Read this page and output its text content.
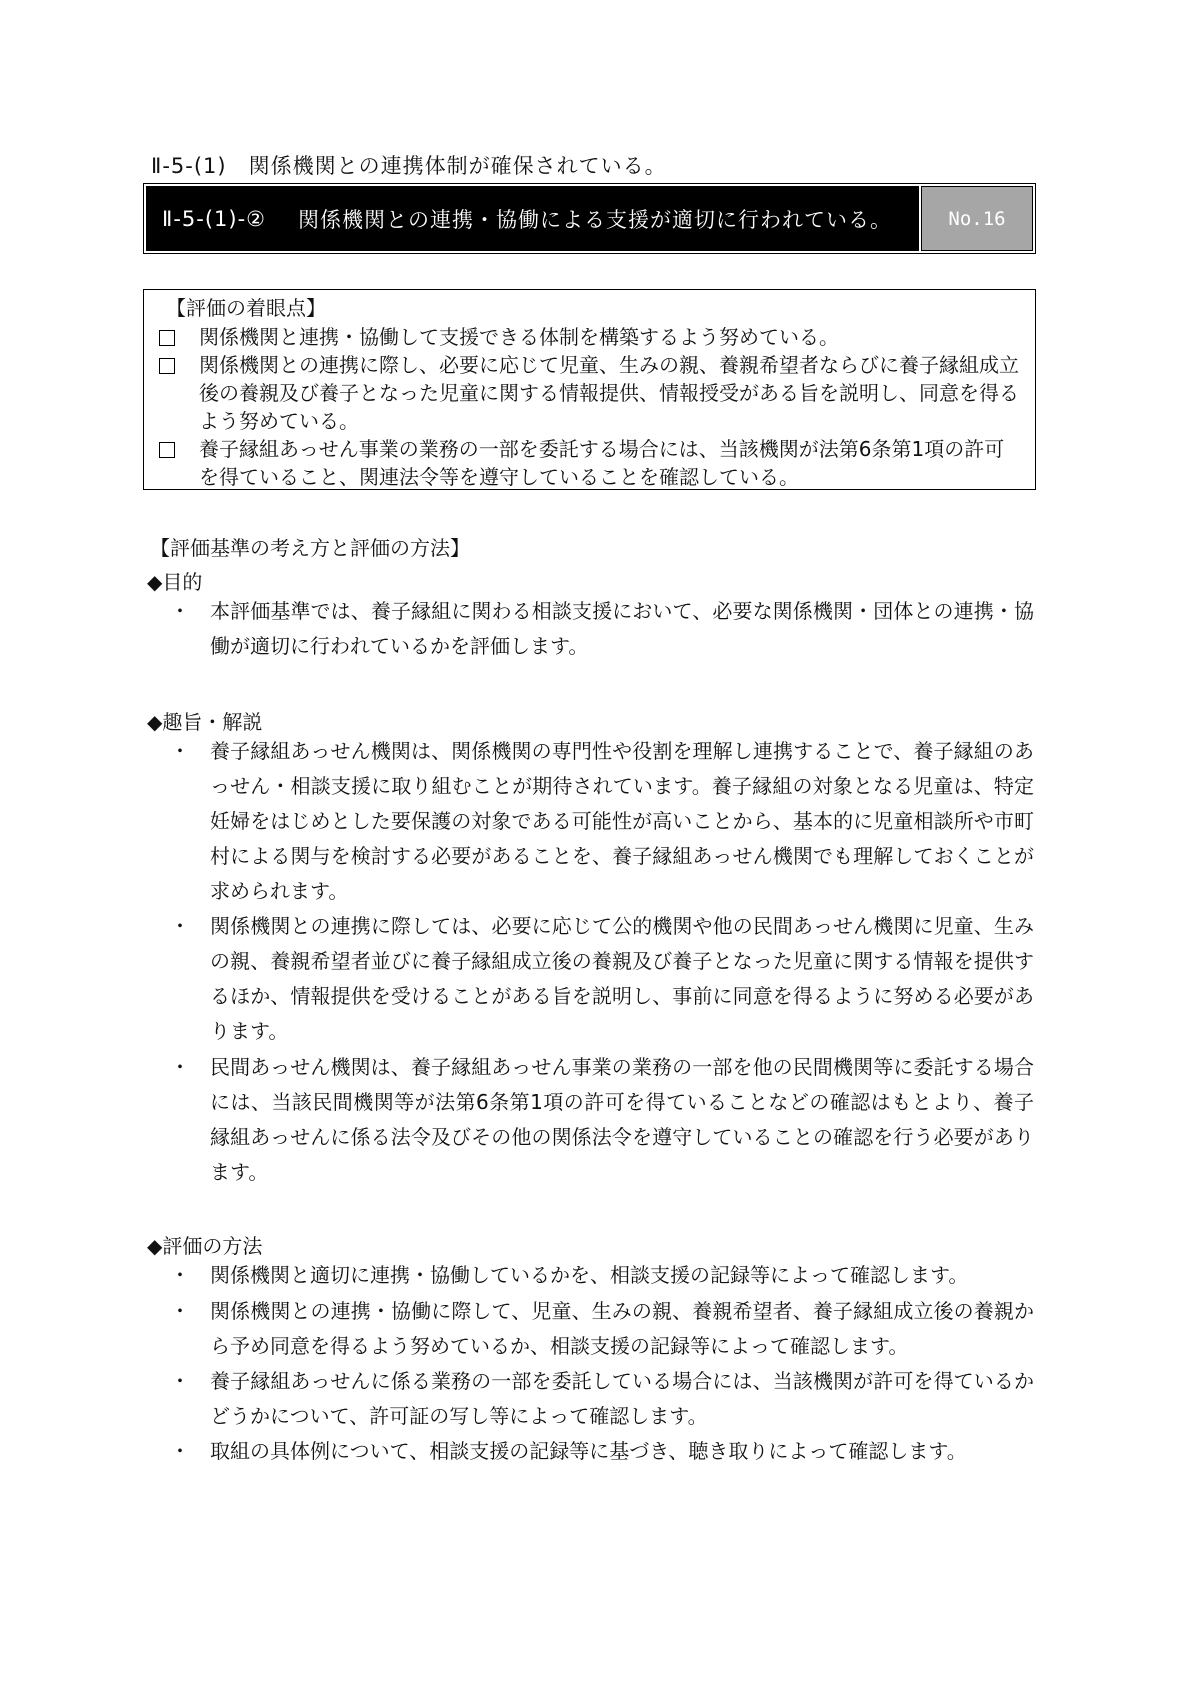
Ⅱ-5-(1)　関係機関との連携体制が確保されている。
Ⅱ-5-(1)-② 関係機関との連携・協働による支援が適切に行われている。	No.16
【評価の着眼点】
関係機関と連携・協働して支援できる体制を構築するよう努めている。
関係機関との連携に際し、必要に応じて児童、生みの親、養親希望者ならびに養子縁組成立後の養親及び養子となった児童に関する情報提供、情報授受がある旨を説明し、同意を得るよう努めている。
養子縁組あっせん事業の業務の一部を委託する場合には、当該機関が法第6条第1項の許可を得ていること、関連法令等を遵守していることを確認している。
【評価基準の考え方と評価の方法】
◆目的
・	本評価基準では、養子縁組に関わる相談支援において、必要な関係機関・団体との連携・協働が適切に行われているかを評価します。
◆趣旨・解説
・	養子縁組あっせん機関は、関係機関の専門性や役割を理解し連携することで、養子縁組のあっせん・相談支援に取り組むことが期待されています。養子縁組の対象となる児童は、特定妊婦をはじめとした要保護の対象である可能性が高いことから、基本的に児童相談所や市町村による関与を検討する必要があることを、養子縁組あっせん機関でも理解しておくことが求められます。
・	関係機関との連携に際しては、必要に応じて公的機関や他の民間あっせん機関に児童、生みの親、養親希望者並びに養子縁組成立後の養親及び養子となった児童に関する情報を提供するほか、情報提供を受けることがある旨を説明し、事前に同意を得るように努める必要があります。
・	民間あっせん機関は、養子縁組あっせん事業の業務の一部を他の民間機関等に委託する場合には、当該民間機関等が法第6条第1項の許可を得ていることなどの確認はもとより、養子縁組あっせんに係る法令及びその他の関係法令を遵守していることの確認を行う必要があります。
◆評価の方法
・	関係機関と適切に連携・協働しているかを、相談支援の記録等によって確認します。
・	関係機関との連携・協働に際して、児童、生みの親、養親希望者、養子縁組成立後の養親から予め同意を得るよう努めているか、相談支援の記録等によって確認します。
・	養子縁組あっせんに係る業務の一部を委託している場合には、当該機関が許可を得ているかどうかについて、許可証の写し等によって確認します。
・	取組の具体例について、相談支援の記録等に基づき、聴き取りによって確認します。
